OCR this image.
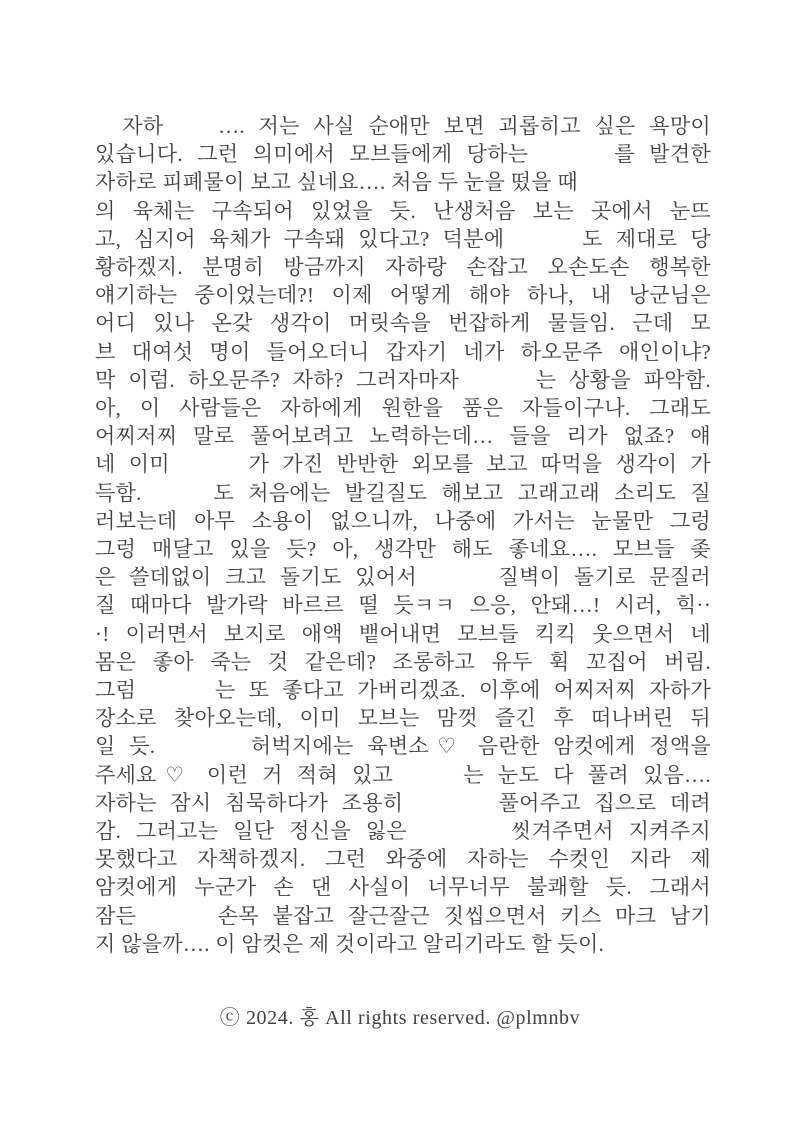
자하    …. 저는 사실 순애만 보면 괴롭히고 싶은 욕망이
있습니다. 그런 의미에서 모브들에게 당하는      를 발견한
자하로 피폐물이 보고 싶네요…. 처음 두 눈을 떴을 때
의 육체는 구속되어 있었을 듯. 난생처음 보는 곳에서 눈뜨
고, 심지어 육체가 구속돼 있다고? 덕분에      도 제대로 당
황하겠지. 분명히 방금까지 자하랑 손잡고 오손도손 행복한
얘기하는 중이었는데?! 이제 어떻게 해야 하나, 내 낭군님은
어디 있나 온갖 생각이 머릿속을 번잡하게 물들임. 근데 모
브 대여섯 명이 들어오더니 갑자기 네가 하오문주 애인이냐?
막 이럼. 하오문주? 자하? 그러자마자      는 상황을 파악함.
아, 이 사람들은 자하에게 원한을 품은 자들이구나. 그래도
어찌저찌 말로 풀어보려고 노력하는데… 들을 리가 없죠? 얘
네 이미      가 가진 반반한 외모를 보고 따먹을 생각이 가
득함.     도 처음에는 발길질도 해보고 고래고래 소리도 질
러보는데 아무 소용이 없으니까, 나중에 가서는 눈물만 그렁
그렁 매달고 있을 듯? 아, 생각만 해도 좋네요…. 모브들 좆
은 쓸데없이 크고 돌기도 있어서      질벽이 돌기로 문질러
질 때마다 발가락 바르르 떨 듯ㅋㅋ 으응, 안돼…! 시러, 힉··
·! 이러면서 보지로 애액 뱉어내면 모브들 킥킥 웃으면서 네
몸은 좋아 죽는 것 같은데? 조롱하고 유두 휙 꼬집어 버림.
그럼      는 또 좋다고 가버리겠죠. 이후에 어찌저찌 자하가
장소로 찾아오는데, 이미 모브는 맘껏 즐긴 후 떠나버린 뒤
일 듯.       허벅지에는 육변소♡ 음란한 암컷에게 정액을
주세요♡ 이런 거 적혀 있고     는 눈도 다 풀려 있음….
자하는 잠시 침묵하다가 조용히       풀어주고 집으로 데려
감. 그러고는 일단 정신을 잃은       씻겨주면서 지켜주지
못했다고 자책하겠지. 그런 와중에 자하는 수컷인 지라 제
암컷에게 누군가 손 댄 사실이 너무너무 불쾌할 듯. 그래서
잠든      손목 붙잡고 잘근잘근 짓씹으면서 키스 마크 남기
지 않을까…. 이 암컷은 제 것이라고 알리기라도 할 듯이.
ⓒ 2024. 홍 All rights reserved. @plmnbv
